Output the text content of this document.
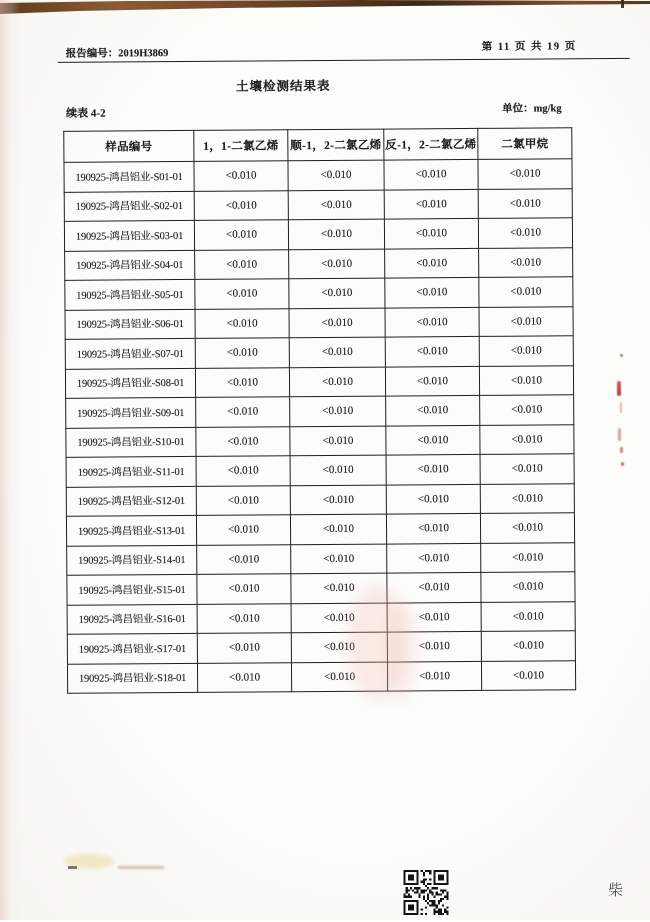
报告编号：2019H3869
第 11 页 共 19 页
土壤检测结果表
续表 4-2	单位：mg/kg
样品编号	1，1-二氯乙烯	顺-1，2-二氯乙烯	反-1，2-二氯乙烯	二氯甲烷
190925-鸿昌铝业-S01-01	<0.010	<0.010	<0.010	<0.010
190925-鸿昌铝业-S02-01	<0.010	<0.010	<0.010	<0.010
190925-鸿昌铝业-S03-01	<0.010	<0.010	<0.010	<0.010
190925-鸿昌铝业-S04-01	<0.010	<0.010	<0.010	<0.010
190925-鸿昌铝业-S05-01	<0.010	<0.010	<0.010	<0.010
190925-鸿昌铝业-S06-01	<0.010	<0.010	<0.010	<0.010
190925-鸿昌铝业-S07-01	<0.010	<0.010	<0.010	<0.010
190925-鸿昌铝业-S08-01	<0.010	<0.010	<0.010	<0.010
190925-鸿昌铝业-S09-01	<0.010	<0.010	<0.010	<0.010
190925-鸿昌铝业-S10-01	<0.010	<0.010	<0.010	<0.010
190925-鸿昌铝业-S11-01	<0.010	<0.010	<0.010	<0.010
190925-鸿昌铝业-S12-01	<0.010	<0.010	<0.010	<0.010
190925-鸿昌铝业-S13-01	<0.010	<0.010	<0.010	<0.010
190925-鸿昌铝业-S14-01	<0.010	<0.010	<0.010	<0.010
190925-鸿昌铝业-S15-01	<0.010	<0.010	<0.010	<0.010
190925-鸿昌铝业-S16-01	<0.010	<0.010	<0.010	<0.010
190925-鸿昌铝业-S17-01	<0.010	<0.010	<0.010	<0.010
190925-鸿昌铝业-S18-01	<0.010	<0.010	<0.010	<0.010
柴
